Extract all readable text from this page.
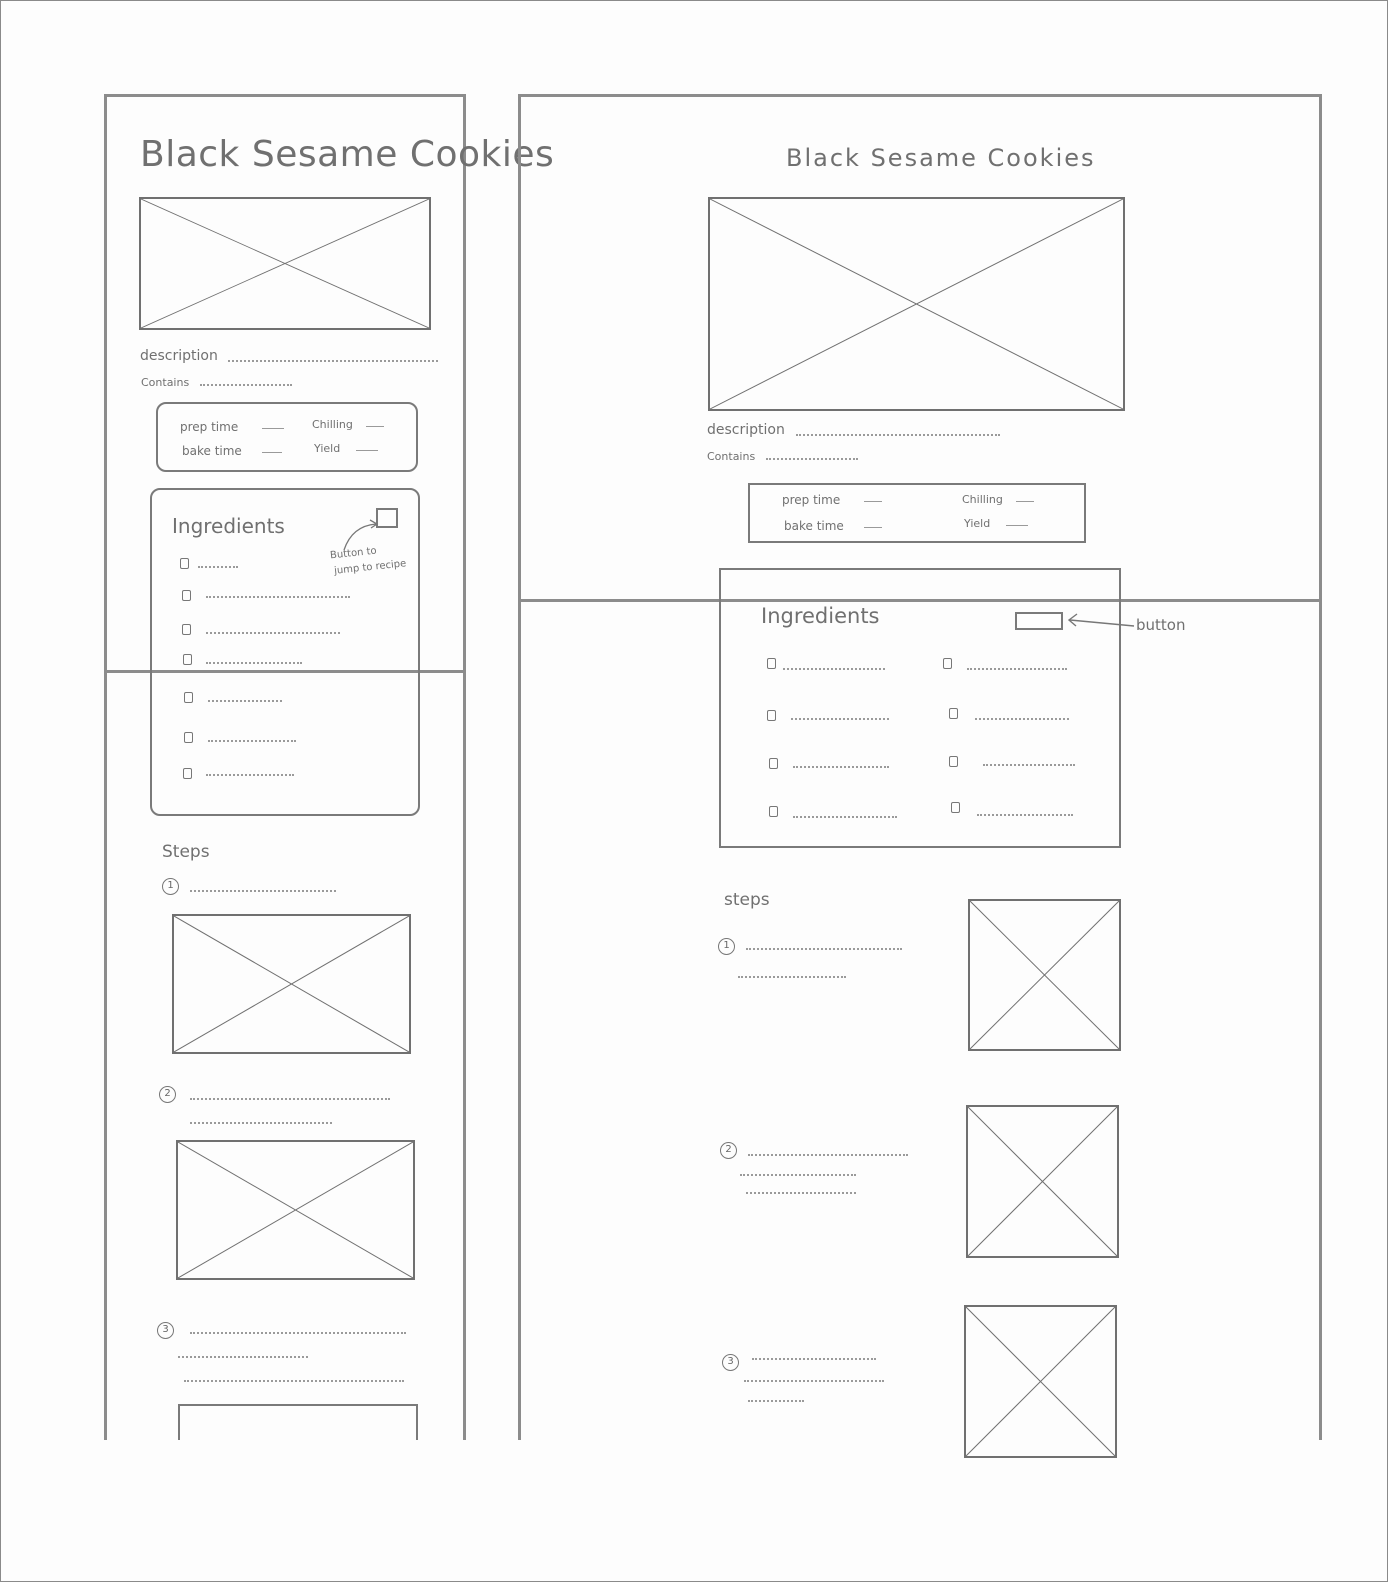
Black Sesame Cookies
description
Contains
prep time	Chilling
bake time	Yield
Ingredients
Button to
jump to recipe
Steps
1
2
3
Black Sesame Cookies
description
Contains
prep time	Chilling
bake time	Yield
Ingredients	button
steps
1
2
3
